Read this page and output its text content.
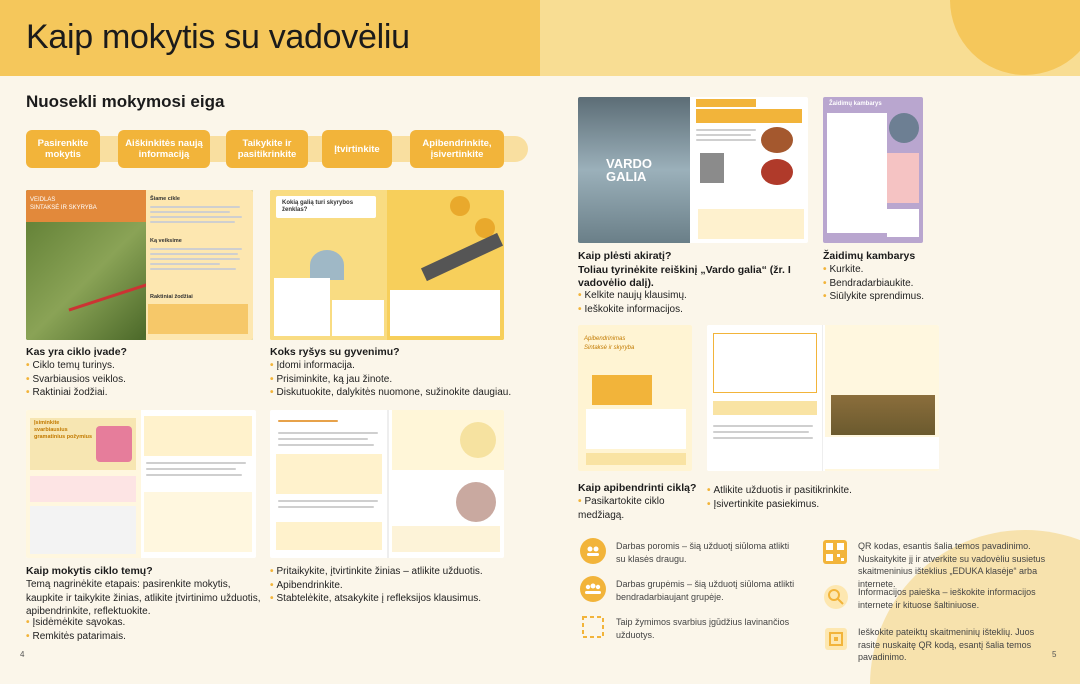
Kaip mokytis su vadovėliu
Nuosekli mokymosi eiga
Pasirenkite mokytis
Aiškinkitės naują informaciją
Taikykite ir pasitikrinkite	Įtvirtinkite	Apibendrinkite, įsivertinkite
VEIDLAS
SINTAKSĖ IR SKYRYBA
Šiame cikle
Ką veiksime
Raktiniai žodžiai
Kokią galią turi skyrybos ženklas?
VARDO GALIA
Žaidimų kambarys
Įsiminkite svarbiausius gramatinius požymius
Apibendrinimas
Sintaksė ir skyryba
Kas yra ciklo įvade?
• Ciklo temų turinys.
• Svarbiausios veiklos.
• Raktiniai žodžiai.
Koks ryšys su gyvenimu?
• Įdomi informacija.
• Prisiminkite, ką jau žinote.
• Diskutuokite, dalykitės nuomone, sužinokite daugiau.
Kaip mokytis ciklo temų?
Temą nagrinėkite etapais: pasirenkite mokytis, kaupkite ir taikykite žinias, atlikite įtvirtinimo užduotis, apibendrinkite, reflektuokite.
• Įsidėmėkite sąvokas.
• Remkitės patarimais.
• Pritaikykite, įtvirtinkite žinias – atlikite užduotis.
• Apibendrinkite.
• Stabtelėkite, atsakykite į refleksijos klausimus.
Kaip plėsti akiratį?
Toliau tyrinėkite reiškinį „Vardo galia“ (žr. I vadovėlio dalį).
• Kelkite naujų klausimų.
• Ieškokite informacijos.
Žaidimų kambarys
• Kurkite.
• Bendradarbiaukite.
• Siūlykite sprendimus.
Kaip apibendrinti ciklą?
• Pasikartokite ciklo medžiagą.
• Atlikite užduotis ir pasitikrinkite.
• Įsivertinkite pasiekimus.
Darbas poromis – šią užduotį siūloma atlikti su klasės draugu.
Darbas grupėmis – šią užduotį siūloma atlikti bendradarbiaujant grupėje.
Taip žymimos svarbius įgūdžius lavinančios užduotys.
QR kodas, esantis šalia temos pavadinimo. Nuskaitykite jį ir atverkite su vadovėliu susietus skaitmeninius išteklius „EDUKA klasėje“ arba internete.
Informacijos paieška – ieškokite informacijos internete ir kituose šaltiniuose.
Ieškokite pateiktų skaitmeninių išteklių. Juos rasite nuskaitę QR kodą, esantį šalia temos pavadinimo.
4	5
